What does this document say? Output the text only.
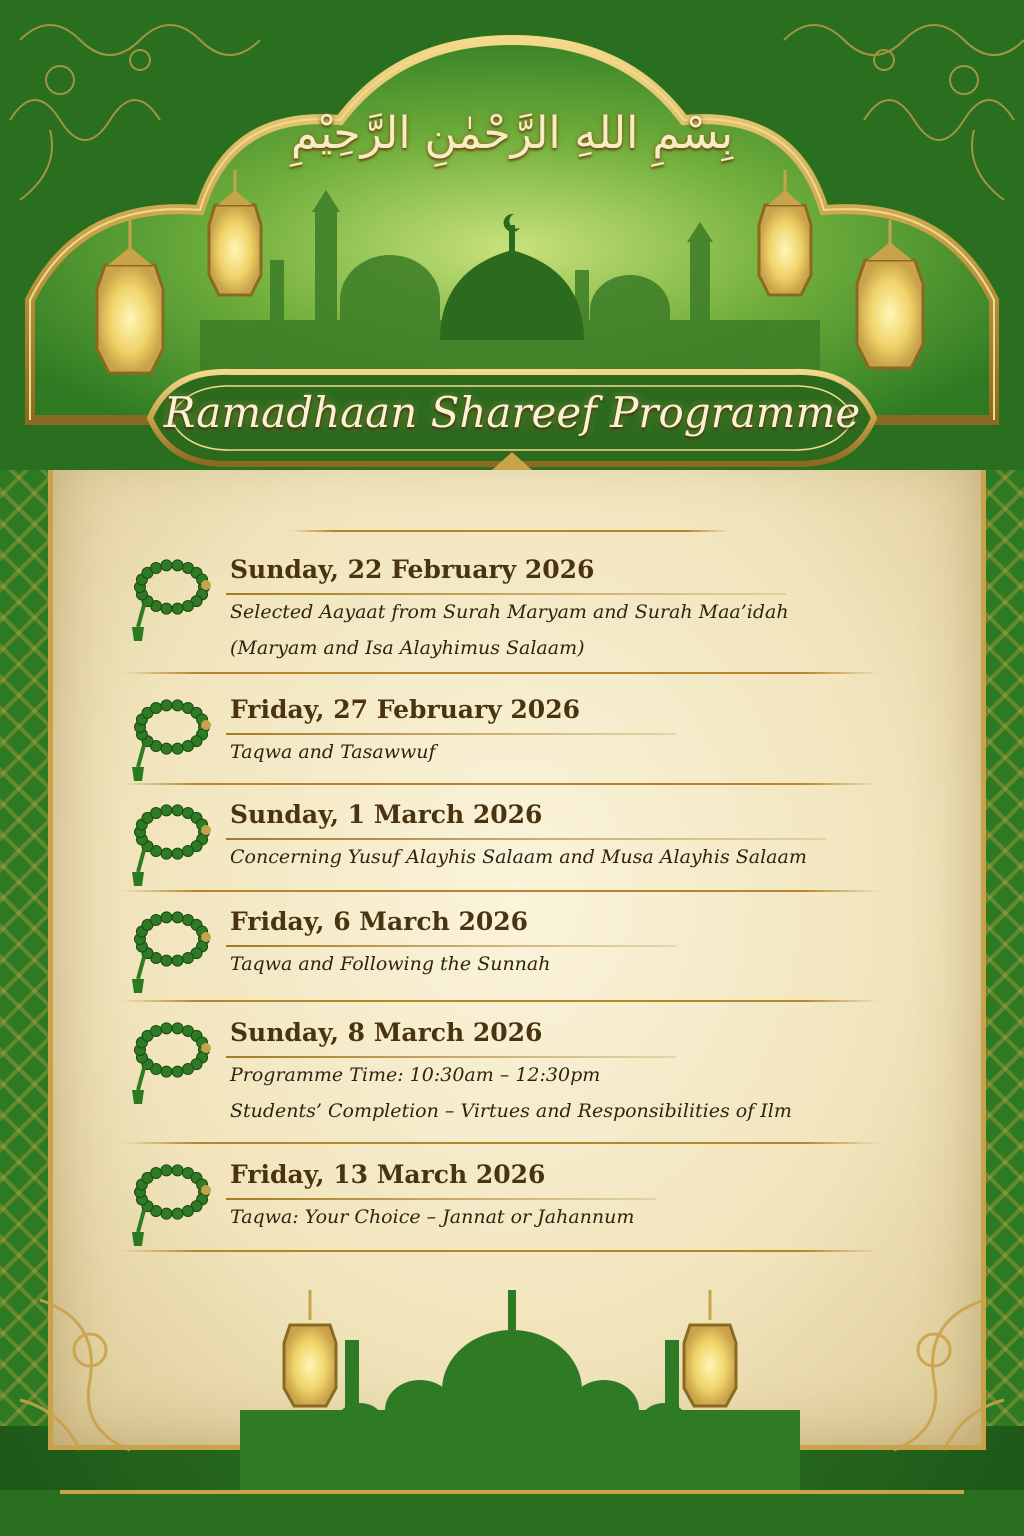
بِسْمِ اللهِ الرَّحْمٰنِ الرَّحِيْمِ
Ramadhaan Shareef Programme
Sunday, 22 February 2026
Selected Aayaat from Surah Maryam and Surah Maa’idah
(Maryam and Isa Alayhimus Salaam)
Friday, 27 February 2026
Taqwa and Tasawwuf
Sunday, 1 March 2026
Concerning Yusuf Alayhis Salaam and Musa Alayhis Salaam
Friday, 6 March 2026
Taqwa and Following the Sunnah
Sunday, 8 March 2026
Programme Time: 10:30am – 12:30pm
Students’ Completion – Virtues and Responsibilities of Ilm
Friday, 13 March 2026
Taqwa: Your Choice – Jannat or Jahannum
